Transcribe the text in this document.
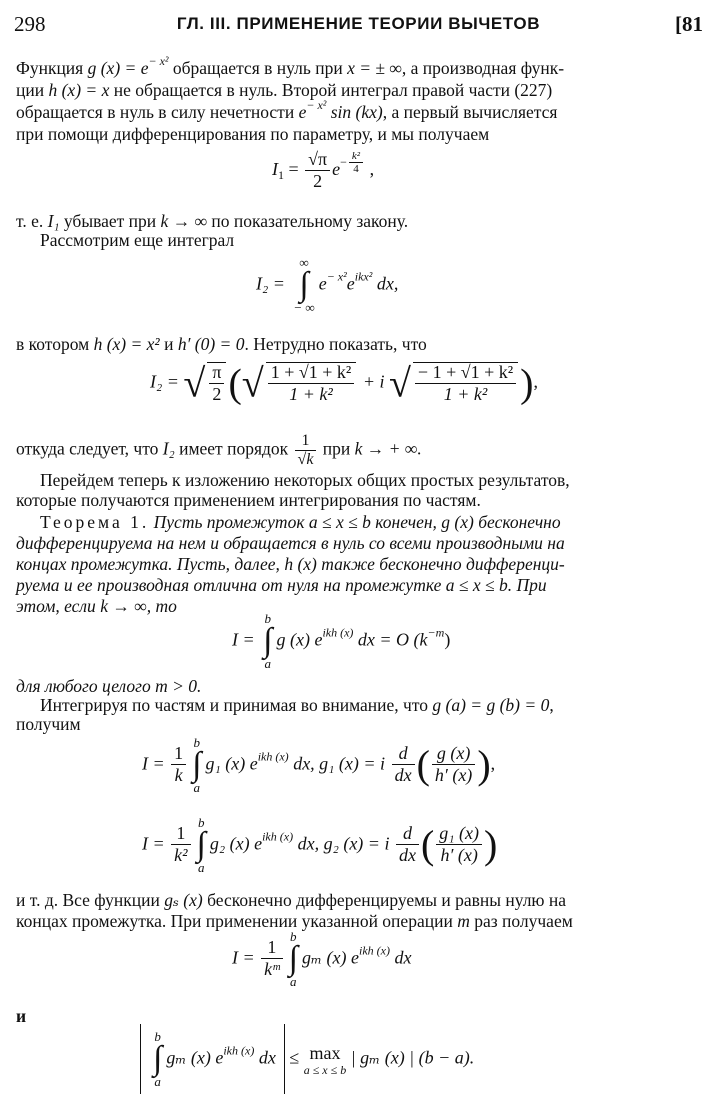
298	ГЛ. III. ПРИМЕНЕНИЕ ТЕОРИИ ВЫЧЕТОВ	[81
Функция g $(x) = e^{- x^2}$ обращается в нуль при x = ± ∞, а производная функ-
ции h (x) = x не обращается в нуль. Второй интеграл правой части (227)
обращается в нуль в силу нечетности $e^{- x^2}$ sin (kx), а первый вычисляется
при помощи дифференцирования по параметру, и мы получаем
$I_1 = \frac{√\pi}{2} e^{- \frac{\text{k²}}{4}}$ ,
т. е. I₁ убывает при k → ∞ по показательному закону.
Рассмотрим еще интеграл
I₂ =
∞
∫
− ∞
$e^{- x^2}e^{ikx^2}$ dx,
в котором h (x) = x² и h′ (0) = 0. Нетрудно показать, что
I₂ = √ $\frac{\pi}{2}$ (√ $\frac{\text{1 + √1 + k²}}{\text{1 + k²}} + i$ √ $\frac{\text{− 1 + √1 + k²}}{\text{1 + k²}}$ ),
откуда следует, что I₂ имеет порядок $\frac{1}{√k}$ при k → + ∞.
Перейдем теперь к изложению некоторых общих простых результатов,
которые получаются применением интегрирования по частям.
Теорема 1. Пусть промежуток a ≤ x ≤ b конечен, g (x) бесконечно
дифференцируема на нем и обращается в нуль со всеми производными на
концах промежутка. Пусть, далее, h (x) также бесконечно дифференци-
руема и ее производная отлична от нуля на промежутке a ≤ x ≤ b. При
этом, если k → ∞, то
I =
b
∫
a
g (x) $e^{ikh (x)}$ dx = O $(k^{-m})$
для любого целого m > 0.
Интегрируя по частям и принимая во внимание, что g (a) = g (b) = 0,
получим
$I = \frac{1}{k}$
b
∫
a
g₁ (x) $e^{ikh (x)}$ dx, g₁ (x) = i $\frac{d}{dx}$ ( $\frac{g (x)}{h' (x)}$ ),
$I = \frac{1}{\text{k²}}$
b
∫
a
g₂ (x) $e^{ikh (x)}$ dx, g₂ (x) = i $\frac{d}{dx}$ ( $\frac{\text{g₁ (x)}}{h' (x)}$ )
и т. д. Все функции gₛ (x) бесконечно дифференцируемы и равны нулю на
концах промежутка. При применении указанной операции m раз получаем
$I = \frac{1}{\text{kᵐ}}$
b
∫
a
gₘ (x) $e^{ikh (x)}$ dx
и
b
∫
a
gₘ (x) $e^{ikh (x)}$ dx ≤ max
a ≤ x ≤ b
| gₘ (x) | (b − a).
